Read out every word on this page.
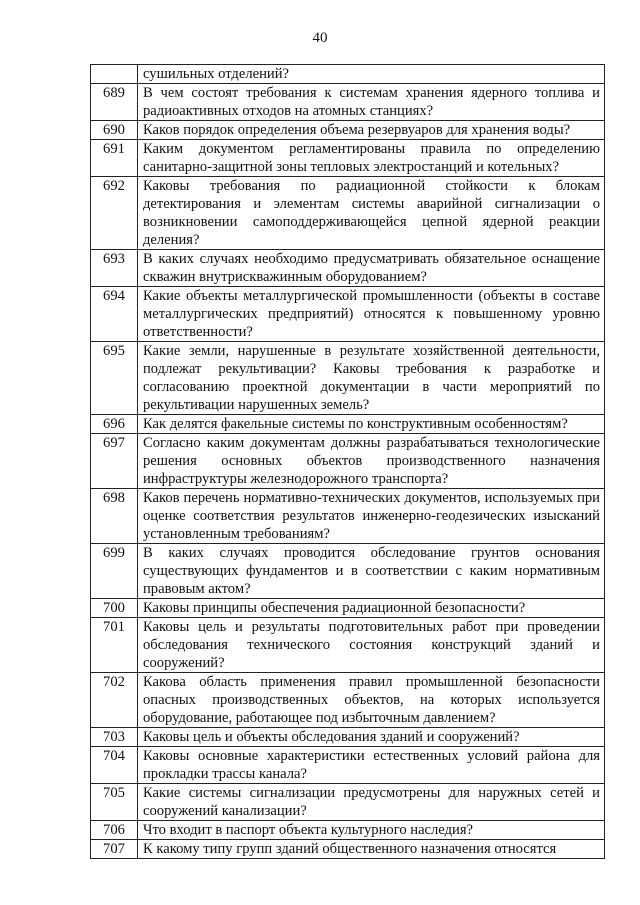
40
	сушильных отделений?
689	В чем состоят требования к системам хранения ядерного топлива и радиоактивных отходов на атомных станциях?
690	Каков порядок определения объема резервуаров для хранения воды?
691	Каким документом регламентированы правила по определению санитарно-защитной зоны тепловых электростанций и котельных?
692	Каковы требования по радиационной стойкости к блокам детектирования и элементам системы аварийной сигнализации о возникновении самоподдерживающейся цепной ядерной реакции деления?
693	В каких случаях необходимо предусматривать обязательное оснащение скважин внутрискважинным оборудованием?
694	Какие объекты металлургической промышленности (объекты в составе металлургических предприятий) относятся к повышенному уровню ответственности?
695	Какие земли, нарушенные в результате хозяйственной деятельности, подлежат рекультивации? Каковы требования к разработке и согласованию проектной документации в части мероприятий по рекультивации нарушенных земель?
696	Как делятся факельные системы по конструктивным особенностям?
697	Согласно каким документам должны разрабатываться технологические решения основных объектов производственного назначения инфраструктуры железнодорожного транспорта?
698	Каков перечень нормативно-технических документов, используемых при оценке соответствия результатов инженерно-геодезических изысканий установленным требованиям?
699	В каких случаях проводится обследование грунтов основания существующих фундаментов и в соответствии с каким нормативным правовым актом?
700	Каковы принципы обеспечения радиационной безопасности?
701	Каковы цель и результаты подготовительных работ при проведении обследования технического состояния конструкций зданий и сооружений?
702	Какова область применения правил промышленной безопасности опасных производственных объектов, на которых используется оборудование, работающее под избыточным давлением?
703	Каковы цель и объекты обследования зданий и сооружений?
704	Каковы основные характеристики естественных условий района для прокладки трассы канала?
705	Какие системы сигнализации предусмотрены для наружных сетей и сооружений канализации?
706	Что входит в паспорт объекта культурного наследия?
707	К какому типу групп зданий общественного назначения относятся
